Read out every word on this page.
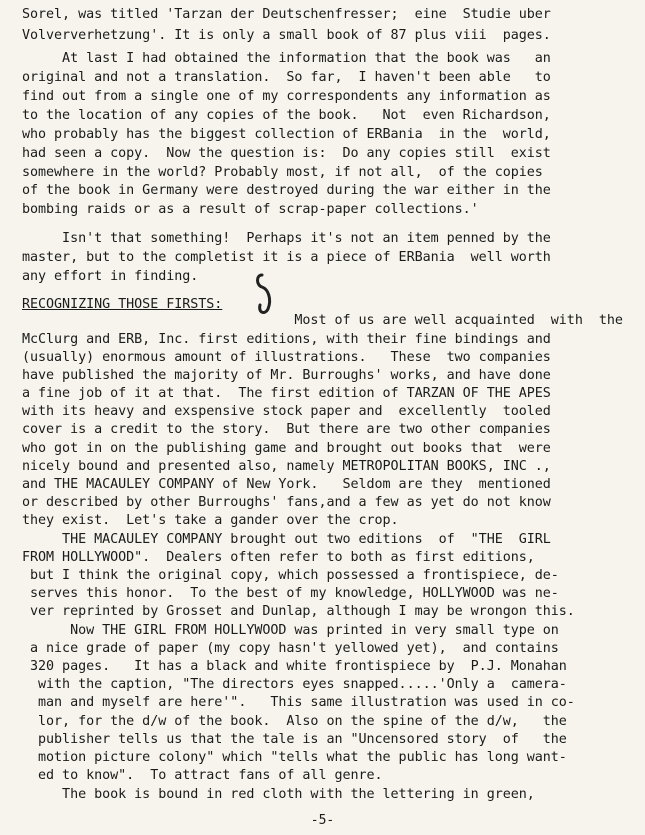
Sorel, was titled 'Tarzan der Deutschenfresser;  eine  Studie uber
Volververhetzung'. It is only a small book of 87 plus viii  pages.
At last I had obtained the information that the book was   an
original and not a translation.  So far,  I haven't been able   to
find out from a single one of my correspondents any information as
to the location of any copies of the book.   Not  even Richardson,
who probably has the biggest collection of ERBania  in the  world,
had seen a copy.  Now the question is:  Do any copies still  exist
somewhere in the world? Probably most, if not all,  of the copies
of the book in Germany were destroyed during the war either in the
bombing raids or as a result of scrap-paper collections.'
Isn't that something!  Perhaps it's not an item penned by the
master, but to the completist it is a piece of ERBania  well worth
any effort in finding.
RECOGNIZING THOSE FIRSTS:
Most of us are well acquainted  with  the
McClurg and ERB, Inc. first editions, with their fine bindings and
(usually) enormous amount of illustrations.   These  two companies
have published the majority of Mr. Burroughs' works, and have done
a fine job of it at that.  The first edition of TARZAN OF THE APES
with its heavy and exspensive stock paper and  excellently  tooled
cover is a credit to the story.  But there are two other companies
who got in on the publishing game and brought out books that  were
nicely bound and presented also, namely METROPOLITAN BOOKS, INC .,
and THE MACAULEY COMPANY of New York.   Seldom are they  mentioned
or described by other Burroughs' fans,and a few as yet do not know
they exist.  Let's take a gander over the crop.
THE MACAULEY COMPANY brought out two editions  of  "THE  GIRL
FROM HOLLYWOOD".  Dealers often refer to both as first editions,
but I think the original copy, which possessed a frontispiece, de-
serves this honor.  To the best of my knowledge, HOLLYWOOD was ne-
ver reprinted by Grosset and Dunlap, although I may be wrongon this.
Now THE GIRL FROM HOLLYWOOD was printed in very small type on
a nice grade of paper (my copy hasn't yellowed yet),  and contains
320 pages.   It has a black and white frontispiece by  P.J. Monahan
with the caption, "The directors eyes snapped.....'Only a  camera-
man and myself are here'".   This same illustration was used in co-
lor, for the d/w of the book.  Also on the spine of the d/w,   the
publisher tells us that the tale is an "Uncensored story  of   the
motion picture colony" which "tells what the public has long want-
ed to know".  To attract fans of all genre.
The book is bound in red cloth with the lettering in green,
-5-
